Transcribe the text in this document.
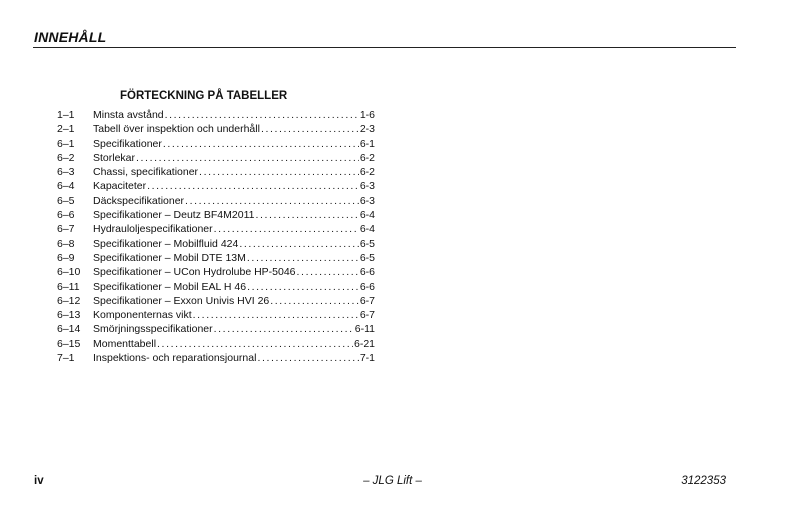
INNEHÅLL
FÖRTECKNING PÅ TABELLER
1–1	Minsta avstånd .....	1-6
2–1	Tabell över inspektion och underhåll .....	2-3
6–1	Specifikationer .....	6-1
6–2	Storlekar .....	6-2
6–3	Chassi, specifikationer .....	6-2
6–4	Kapaciteter .....	6-3
6–5	Däckspecifikationer .....	6-3
6–6	Specifikationer – Deutz BF4M2011 .....	6-4
6–7	Hydrauloljespecifikationer .....	6-4
6–8	Specifikationer – Mobilfluid 424 .....	6-5
6–9	Specifikationer – Mobil DTE 13M .....	6-5
6–10	Specifikationer – UCon Hydrolube HP-5046 .....	6-6
6–11	Specifikationer – Mobil EAL H 46 .....	6-6
6–12	Specifikationer – Exxon Univis HVI 26 .....	6-7
6–13	Komponenternas vikt .....	6-7
6–14	Smörjningsspecifikationer .....	6-11
6–15	Momenttabell .....	6-21
7–1	Inspektions- och reparationsjournal .....	7-1
iv	– JLG Lift –	3122353
